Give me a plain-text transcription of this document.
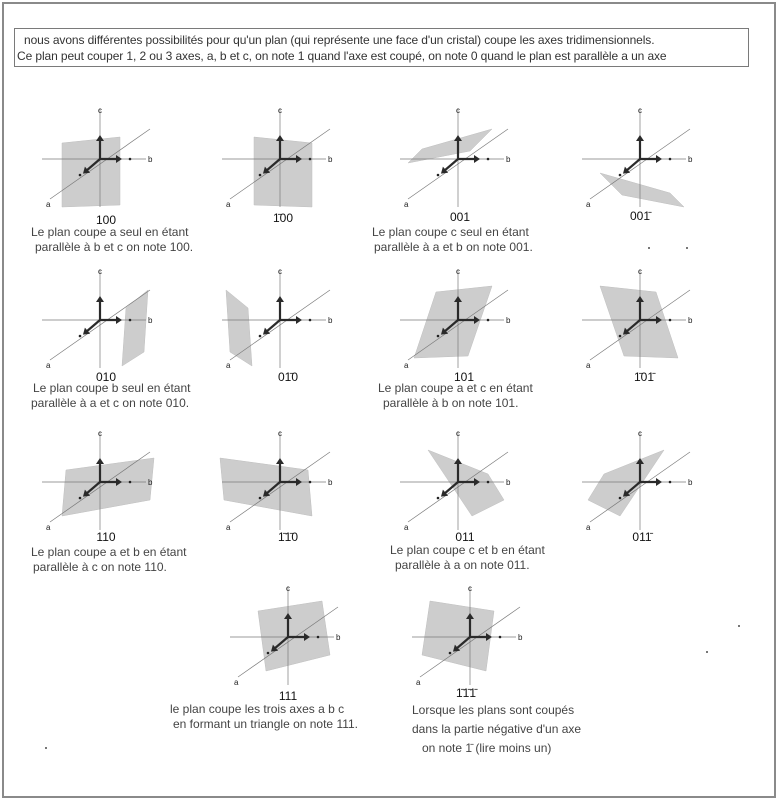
nous avons différentes possibilités pour qu'un plan (qui représente une face d'un cristal) coupe les axes tridimensionnels.
Ce plan peut couper 1, 2 ou 3 axes, a, b et c, on note 1 quand l'axe est coupé, on note 0 quand le plan est parallèle a un axe
a
b
c
a
b
c
a
b
c
a
b
c
100	1̄00	001	001̄
Le plan coupe a seul en étant
parallèle à b et c on note 100.
Le plan coupe c seul en étant
parallèle à a et b on note 001.
a
b
c
a
b
c
a
b
c
a
b
c
010	01̄0	101	1̄01̄
Le plan coupe b seul en étant
parallèle à a et c on note 010.
Le plan coupe a et c en étant
parallèle à b on note 101.
a
b
c
a
b
c
a
b
c
a
b
c
110	1̄1̄0	011	011̄
Le plan coupe a et b en étant
parallèle à c on note 110.
Le plan coupe c et b en étant
parallèle à a on note 011.
a
b
c
a
b
c
111	1̄1̄1̄
le plan coupe les trois axes a b c
en formant un triangle on note 111.
Lorsque les plans sont coupés
dans la partie négative d'un axe
on note 1̄ (lire moins un)
